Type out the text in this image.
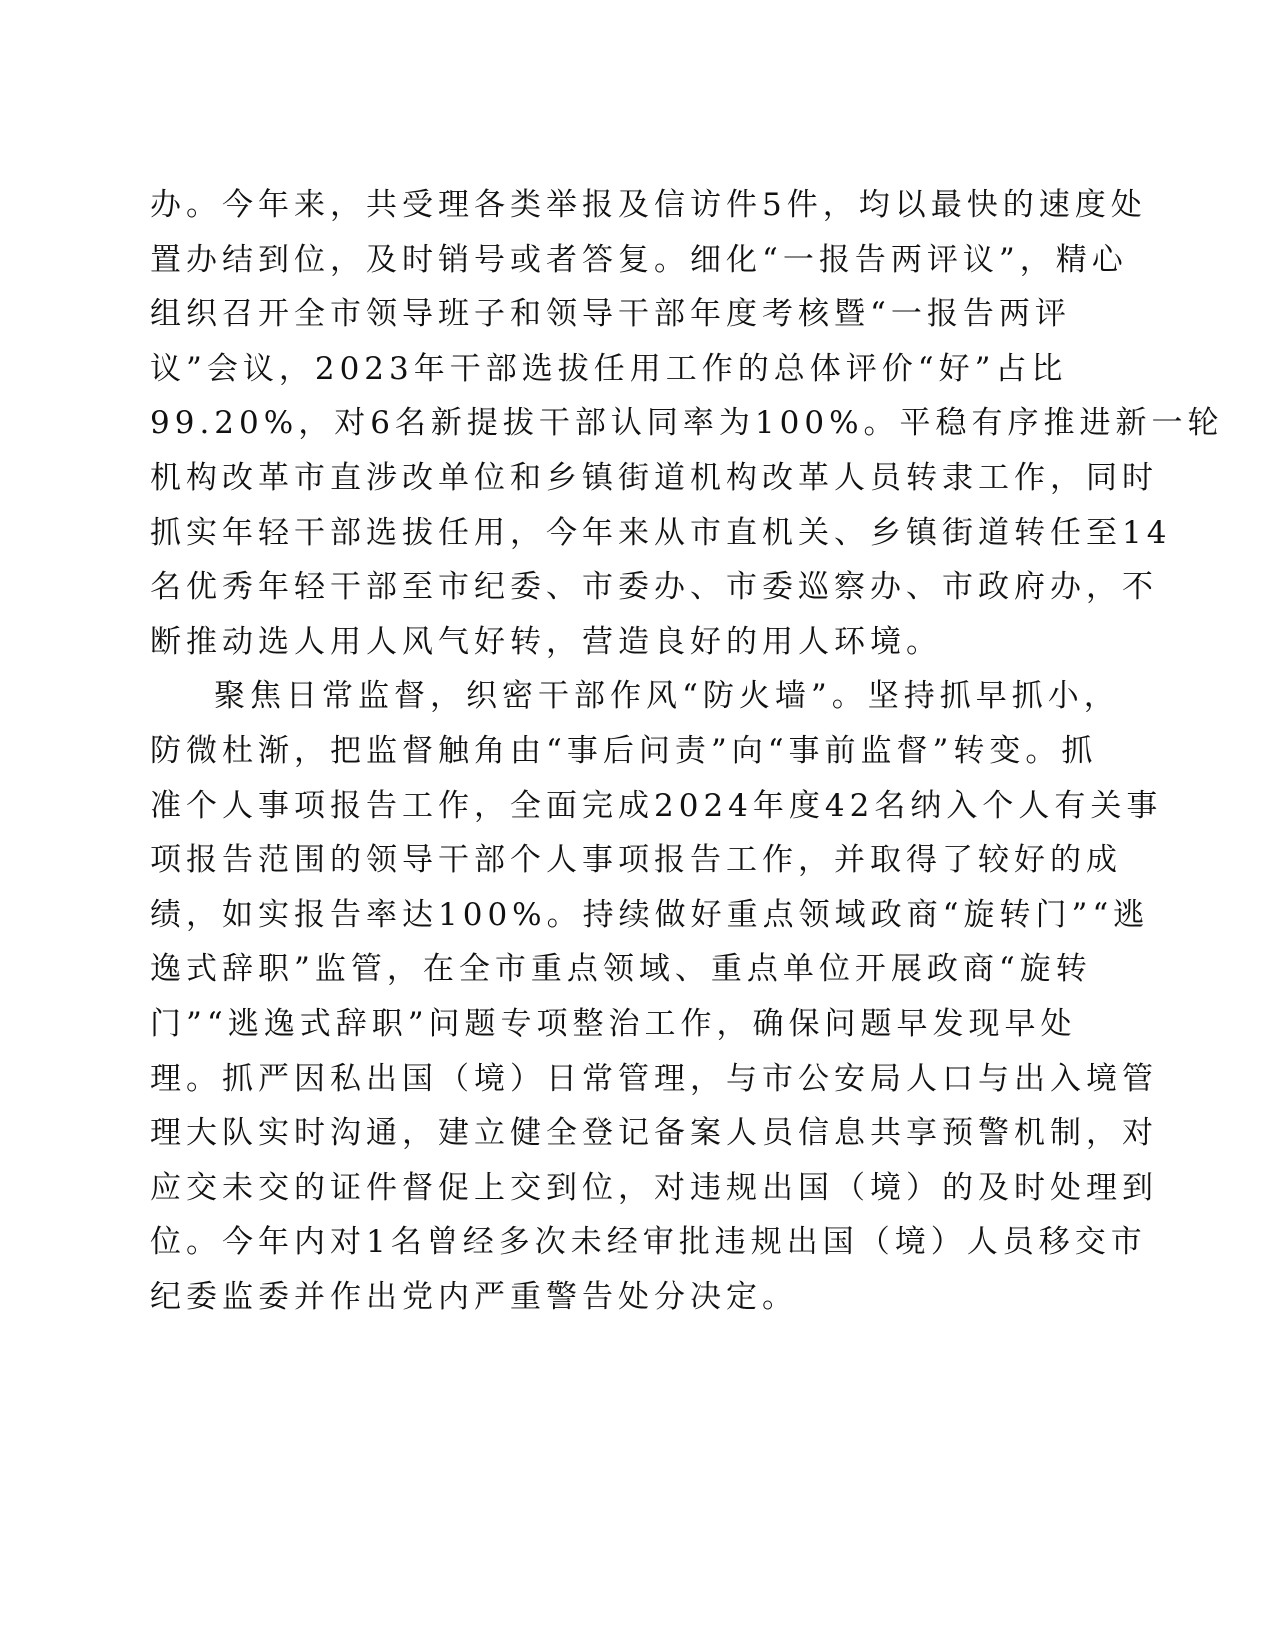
办。今年来，共受理各类举报及信访件5件，均以最快的速度处
置办结到位，及时销号或者答复。细化“一报告两评议”，精心
组织召开全市领导班子和领导干部年度考核暨“一报告两评
议”会议，2023年干部选拔任用工作的总体评价“好”占比
99.20%，对6名新提拔干部认同率为100%。平稳有序推进新一轮
机构改革市直涉改单位和乡镇街道机构改革人员转隶工作，同时
抓实年轻干部选拔任用，今年来从市直机关、乡镇街道转任至14
名优秀年轻干部至市纪委、市委办、市委巡察办、市政府办，不
断推动选人用人风气好转，营造良好的用人环境。
聚焦日常监督，织密干部作风“防火墙”。坚持抓早抓小，
防微杜渐，把监督触角由“事后问责”向“事前监督”转变。抓
准个人事项报告工作，全面完成2024年度42名纳入个人有关事
项报告范围的领导干部个人事项报告工作，并取得了较好的成
绩，如实报告率达100%。持续做好重点领域政商“旋转门”“逃
逸式辞职”监管，在全市重点领域、重点单位开展政商“旋转
门”“逃逸式辞职”问题专项整治工作，确保问题早发现早处
理。抓严因私出国（境）日常管理，与市公安局人口与出入境管
理大队实时沟通，建立健全登记备案人员信息共享预警机制，对
应交未交的证件督促上交到位，对违规出国（境）的及时处理到
位。今年内对1名曾经多次未经审批违规出国（境）人员移交市
纪委监委并作出党内严重警告处分决定。
